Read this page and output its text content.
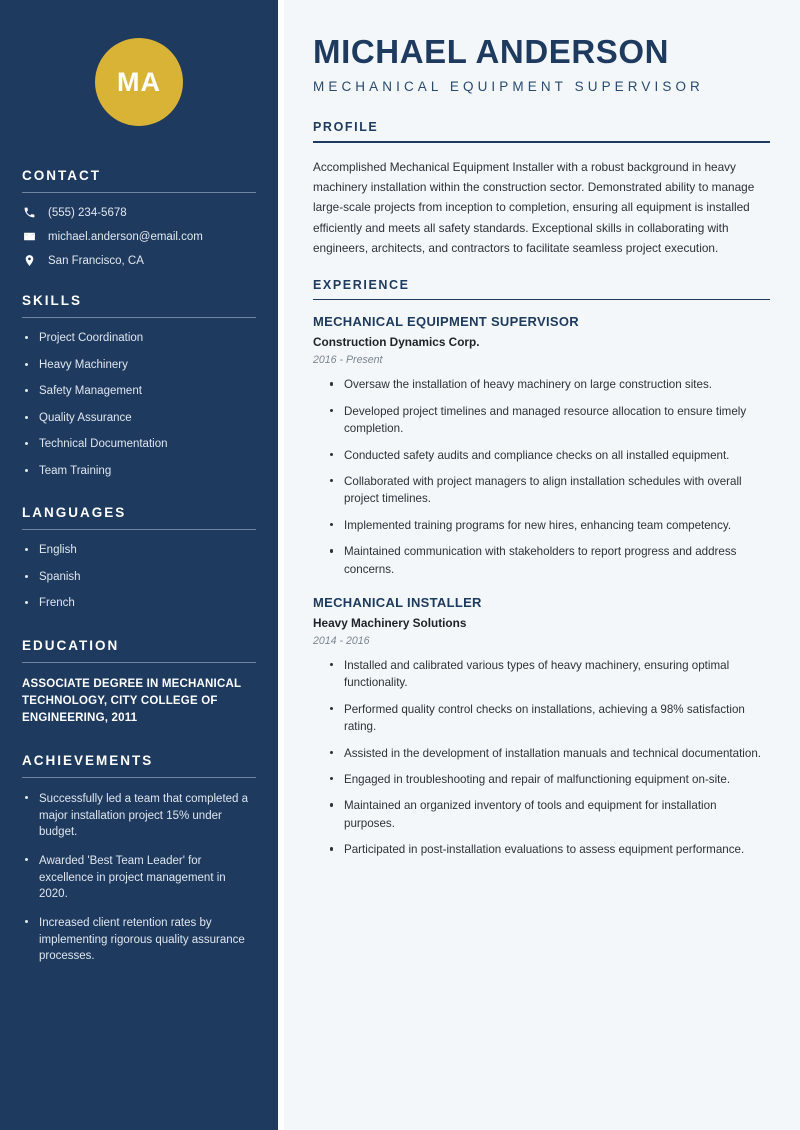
MA
CONTACT
(555) 234-5678
michael.anderson@email.com
San Francisco, CA
SKILLS
Project Coordination
Heavy Machinery
Safety Management
Quality Assurance
Technical Documentation
Team Training
LANGUAGES
English
Spanish
French
EDUCATION
ASSOCIATE DEGREE IN MECHANICAL TECHNOLOGY, CITY COLLEGE OF ENGINEERING, 2011
ACHIEVEMENTS
Successfully led a team that completed a major installation project 15% under budget.
Awarded 'Best Team Leader' for excellence in project management in 2020.
Increased client retention rates by implementing rigorous quality assurance processes.
MICHAEL ANDERSON
MECHANICAL EQUIPMENT SUPERVISOR
PROFILE

Accomplished Mechanical Equipment Installer with a robust background in heavy machinery installation within the construction sector. Demonstrated ability to manage large-scale projects from inception to completion, ensuring all equipment is installed efficiently and meets all safety standards. Exceptional skills in collaborating with engineers, architects, and contractors to facilitate seamless project execution.

EXPERIENCE
MECHANICAL EQUIPMENT SUPERVISOR
Construction Dynamics Corp.
2016 - Present
Oversaw the installation of heavy machinery on large construction sites.
Developed project timelines and managed resource allocation to ensure timely completion.
Conducted safety audits and compliance checks on all installed equipment.
Collaborated with project managers to align installation schedules with overall project timelines.
Implemented training programs for new hires, enhancing team competency.
Maintained communication with stakeholders to report progress and address concerns.
MECHANICAL INSTALLER
Heavy Machinery Solutions
2014 - 2016
Installed and calibrated various types of heavy machinery, ensuring optimal functionality.
Performed quality control checks on installations, achieving a 98% satisfaction rating.
Assisted in the development of installation manuals and technical documentation.
Engaged in troubleshooting and repair of malfunctioning equipment on-site.
Maintained an organized inventory of tools and equipment for installation purposes.
Participated in post-installation evaluations to assess equipment performance.
